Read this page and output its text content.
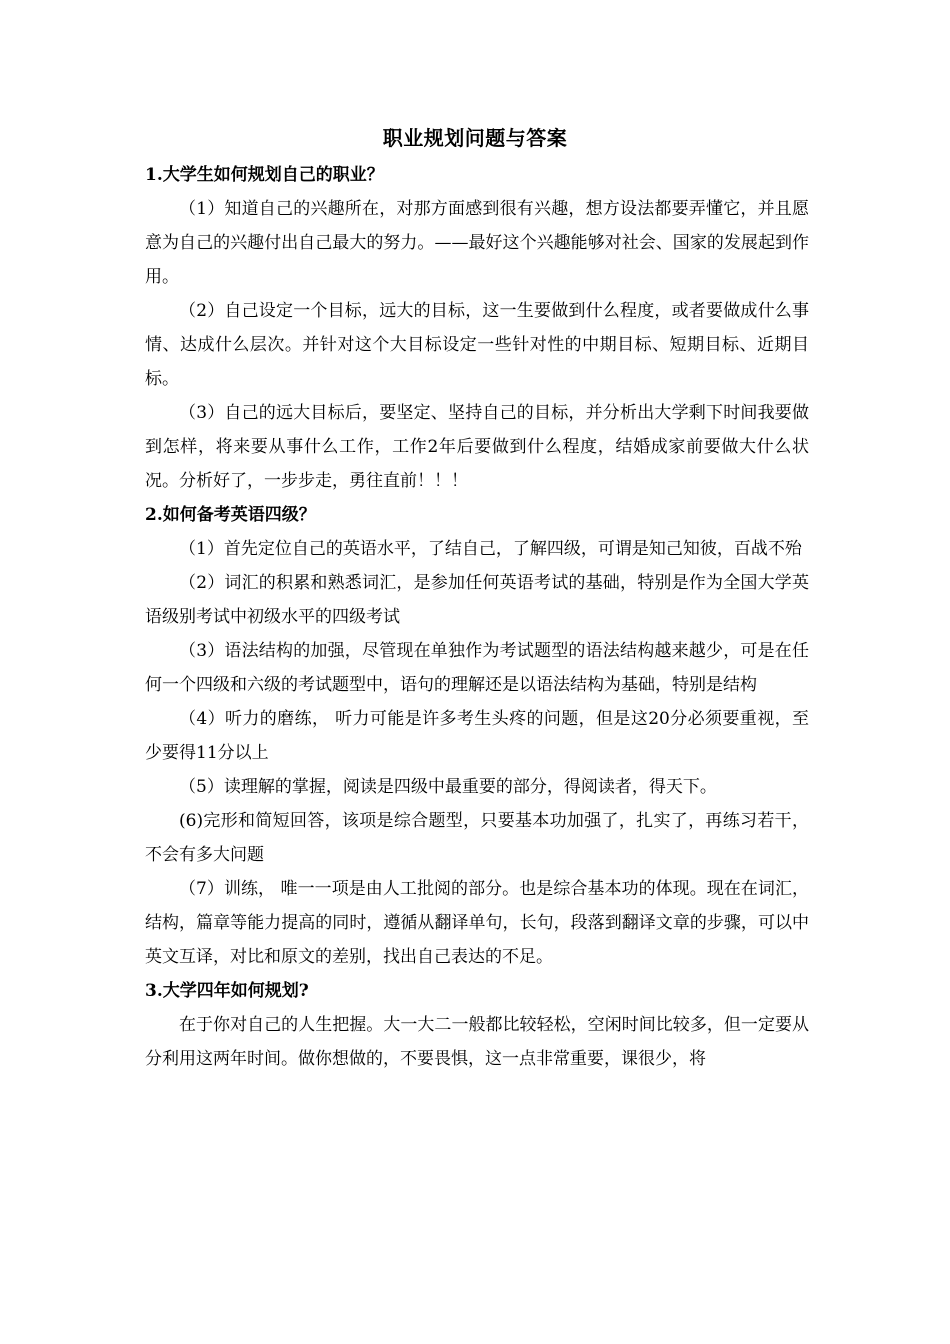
职业规划问题与答案

1.大学生如何规划自己的职业？

（1）知道自己的兴趣所在，对那方面感到很有兴趣，想方设法都要弄懂它，并且愿意为自己的兴趣付出自己最大的努力。——最好这个兴趣能够对社会、国家的发展起到作用。

（2）自己设定一个目标，远大的目标，这一生要做到什么程度，或者要做成什么事情、达成什么层次。并针对这个大目标设定一些针对性的中期目标、短期目标、近期目标。

（3）自己的远大目标后，要坚定、坚持自己的目标，并分析出大学剩下时间我要做到怎样，将来要从事什么工作，工作2年后要做到什么程度，结婚成家前要做大什么状况。分析好了，一步步走，勇往直前！！！

2.如何备考英语四级？

（1）首先定位自己的英语水平，了结自己，了解四级，可谓是知己知彼，百战不殆

（2）词汇的积累和熟悉词汇，是参加任何英语考试的基础，特别是作为全国大学英语级别考试中初级水平的四级考试

（3）语法结构的加强，尽管现在单独作为考试题型的语法结构越来越少，可是在任何一个四级和六级的考试题型中，语句的理解还是以语法结构为基础，特别是结构

（4）听力的磨练， 听力可能是许多考生头疼的问题，但是这20分必须要重视，至少要得11分以上

（5）读理解的掌握，阅读是四级中最重要的部分，得阅读者，得天下。

(6)完形和简短回答，该项是综合题型，只要基本功加强了，扎实了，再练习若干，不会有多大问题

（7）训练， 唯一一项是由人工批阅的部分。也是综合基本功的体现。现在在词汇，结构，篇章等能力提高的同时，遵循从翻译单句，长句，段落到翻译文章的步骤，可以中英文互译，对比和原文的差别，找出自己表达的不足。

3.大学四年如何规划?

在于你对自己的人生把握。大一大二一般都比较轻松，空闲时间比较多，但一定要从分利用这两年时间。做你想做的，不要畏惧，这一点非常重要，课很少，将
